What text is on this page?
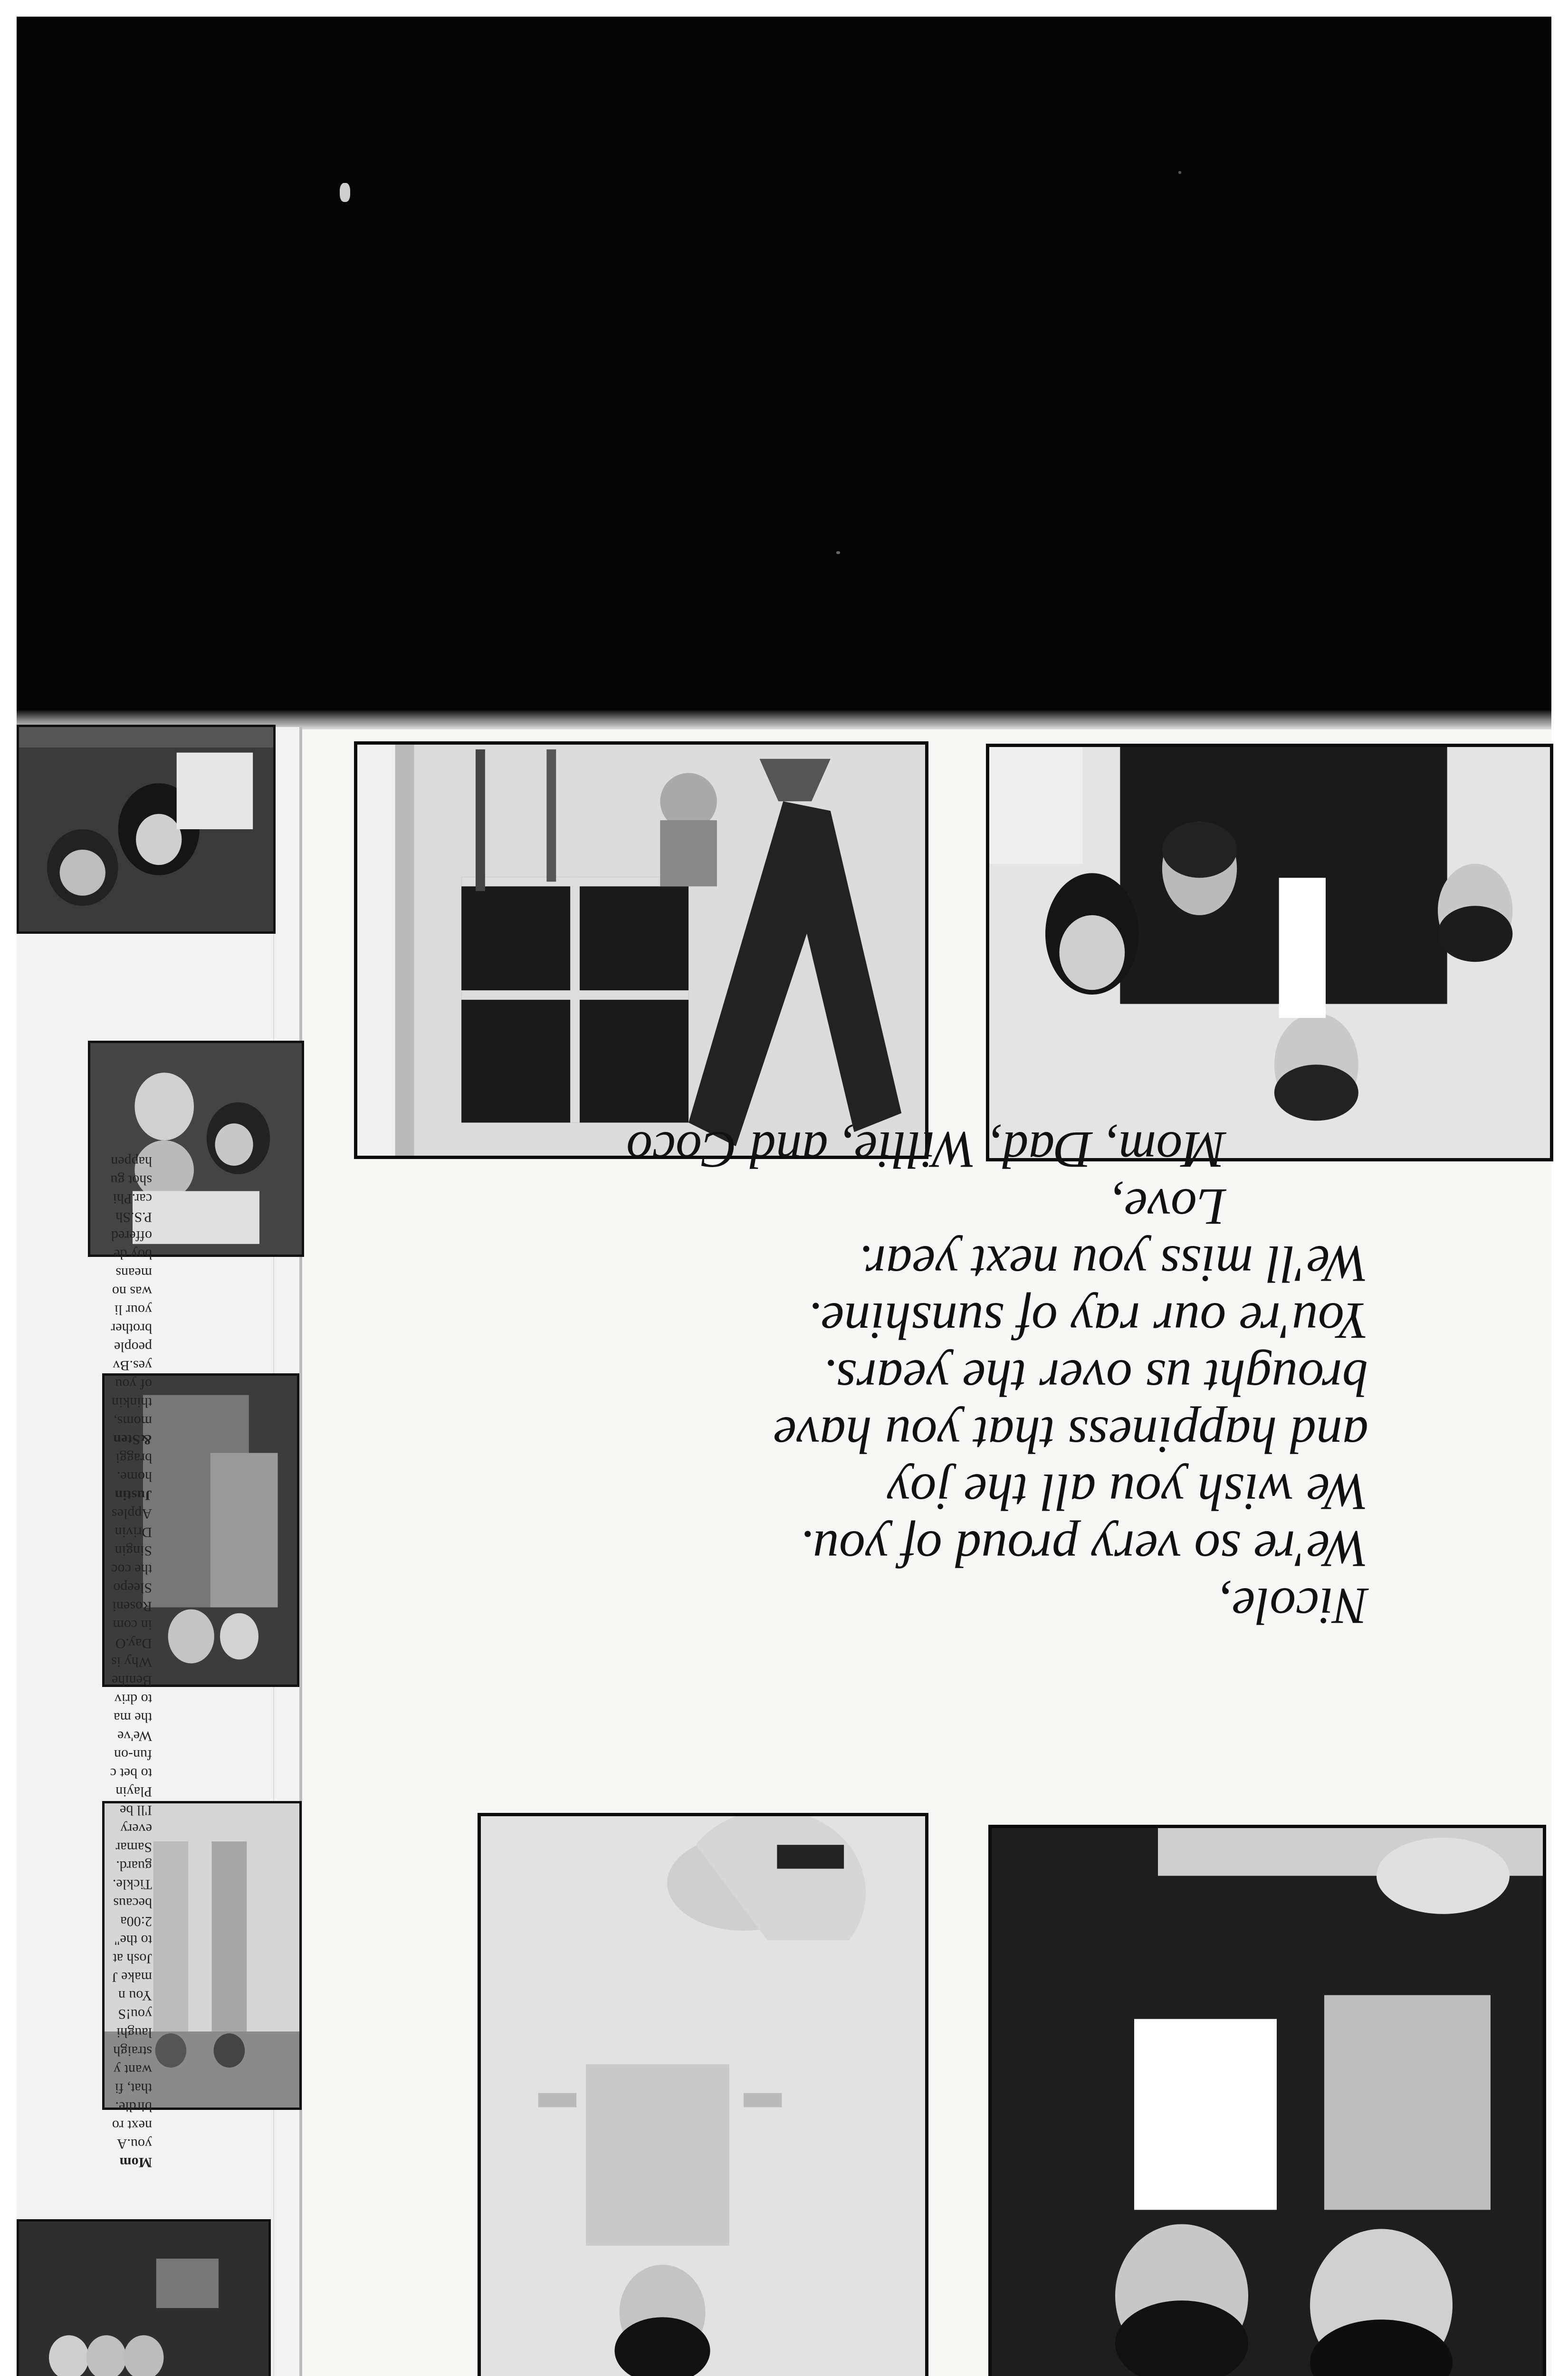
Mom
you.A
next ro
birdie.
that, fi
want y
straigh
laughi
you!S
You n
make J
Josh at
to the"
2:00a
becaus
Tickle.
guard.
Samar
every
I'll be
Playin
to bet c
fun-on
We've
the ma
to driv
Benihe
Why is
Day.O
in com
Roseni
Sleepo
the coc
Singin
Drivin
Apples
Justin
home.
braggi
&Sten
moms,
thinkin
of you
yes.Bv
people
brother
your li
was no
means
boy de
offered
P.S.Sh
car.Phi
shot gu
happen
Nicole,
We're so very proud of you.
We wish you all the joy
and happiness that you have
brought us over the years.
You're our ray of sunshine.
We'll miss you next year.
Love,
Mom, Dad, Willie, and Coco
